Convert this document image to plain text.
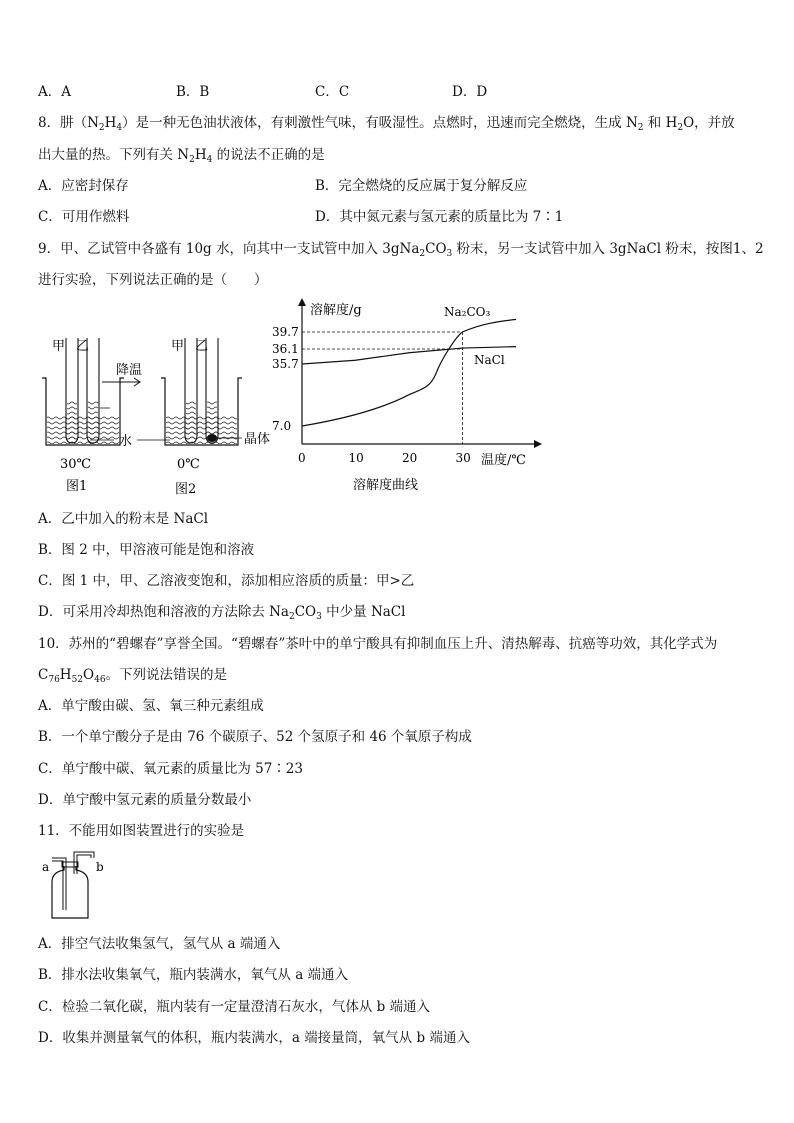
A．A	B．B	C．C	D．D
8．肼$(N_2H_4)$是一种无色油状液体，有刺激性气味，有吸湿性。点燃时，迅速而完全燃烧，生成 $N_2$ 和 $H_2O$，并放
出大量的热。下列有关 $N_2H_4$ 的说法不正确的是
A．应密封保存	B．完全燃烧的反应属于复分解反应
C．可用作燃料	D．其中氮元素与氢元素的质量比为 7∶1
9．甲、乙试管中各盛有 10g 水，向其中一支试管中加入 $3gNa_2CO_3$ 粉末，另一支试管中加入 3gNaCl 粉末，按图1、2
进行实验，下列说法正确的是（　　）
甲 乙
降温
水
甲 乙
晶体
30℃	0℃
图1	图2
溶解度/g
温度/℃
溶解度曲线
0	10	20	30
7.0
35.7
36.1
39.7
Na₂CO₃
NaCl
A．乙中加入的粉末是 NaCl
B．图 2 中，甲溶液可能是饱和溶液
C．图 1 中，甲、乙溶液变饱和，添加相应溶质的质量：甲>乙
D．可采用冷却热饱和溶液的方法除去 $Na_2CO_3$ 中少量 NaCl
10．苏州的“碧螺春”享誉全国。“碧螺春”茶叶中的单宁酸具有抑制血压上升、清热解毒、抗癌等功效，其化学式为
$C_{76}H_{52}O_{46}$。下列说法错误的是
A．单宁酸由碳、氢、氧三种元素组成
B．一个单宁酸分子是由 76 个碳原子、52 个氢原子和 46 个氧原子构成
C．单宁酸中碳、氧元素的质量比为 57∶23
D．单宁酸中氢元素的质量分数最小
11．不能用如图装置进行的实验是
a	b
A．排空气法收集氢气，氢气从 a 端通入
B．排水法收集氧气，瓶内装满水，氧气从 a 端通入
C．检验二氧化碳，瓶内装有一定量澄清石灰水，气体从 b 端通入
D．收集并测量氧气的体积，瓶内装满水，a 端接量筒，氧气从 b 端通入
